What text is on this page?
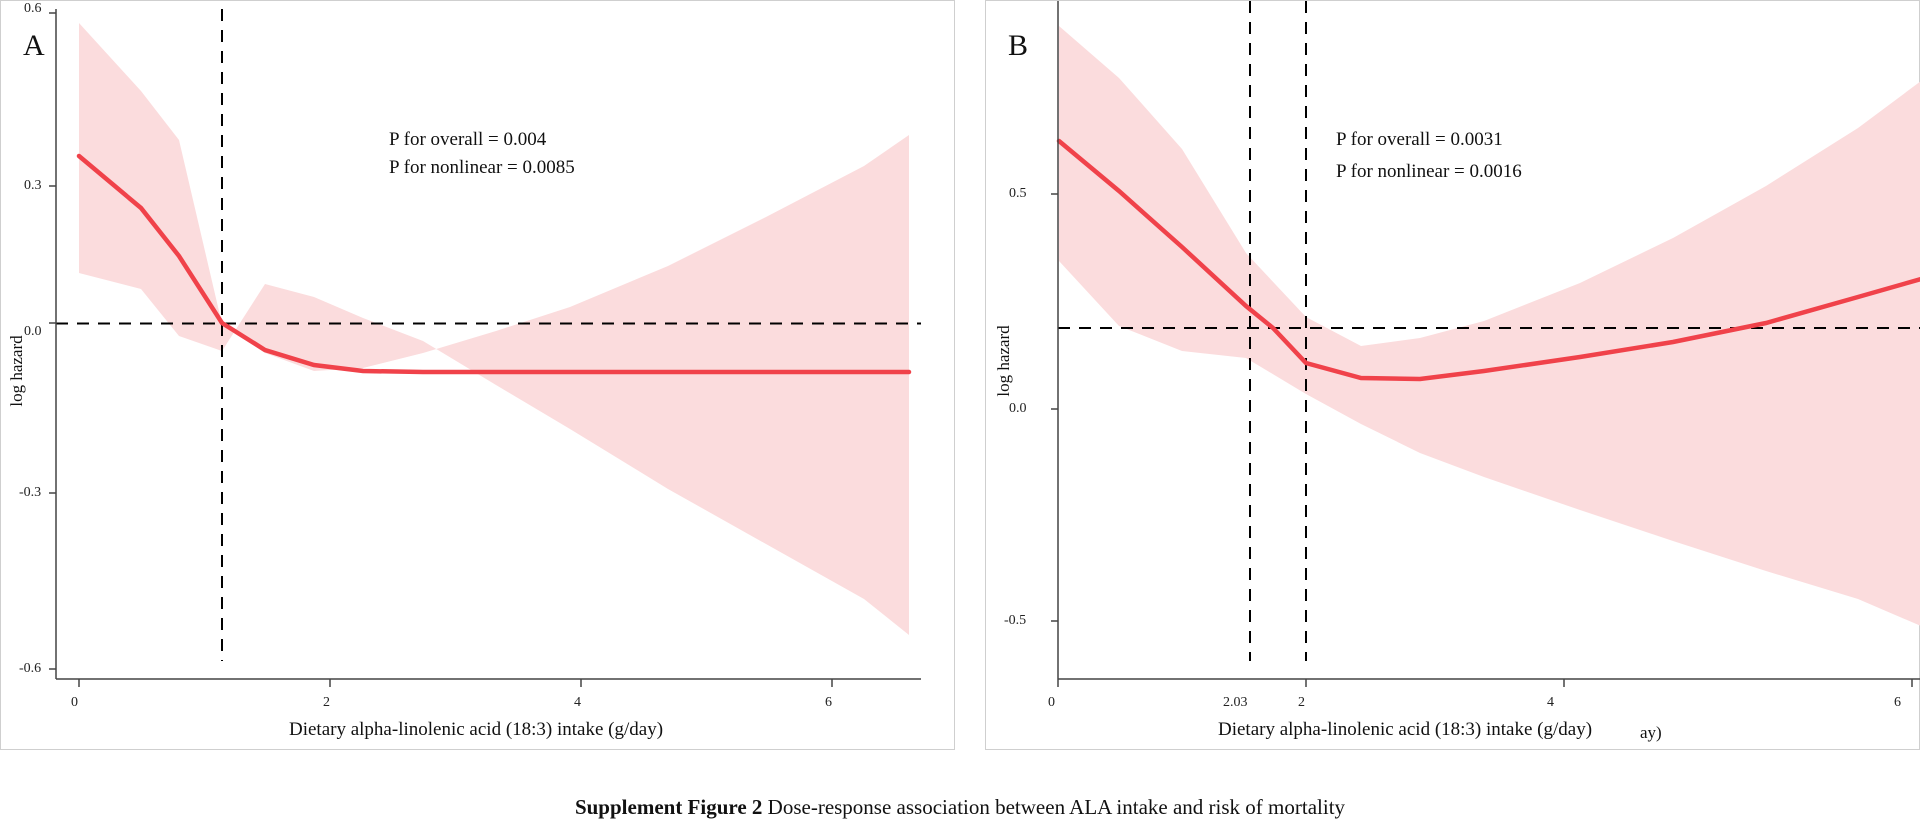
A
log hazard
-0.6
-0.3
0.0
0.3
0.6
0	2	4	6
Dietary alpha-linolenic acid (18:3) intake (g/day)
P for overall = 0.004
P for nonlinear = 0.0085
B
log hazard
-0.5
0.0
0.5
0	2.03	2	4	6
Dietary alpha-linolenic acid (18:3) intake (g/day)	ay)
P for overall = 0.0031
P for nonlinear = 0.0016
Supplement Figure 2 Dose-response association between ALA intake and risk of mortality
